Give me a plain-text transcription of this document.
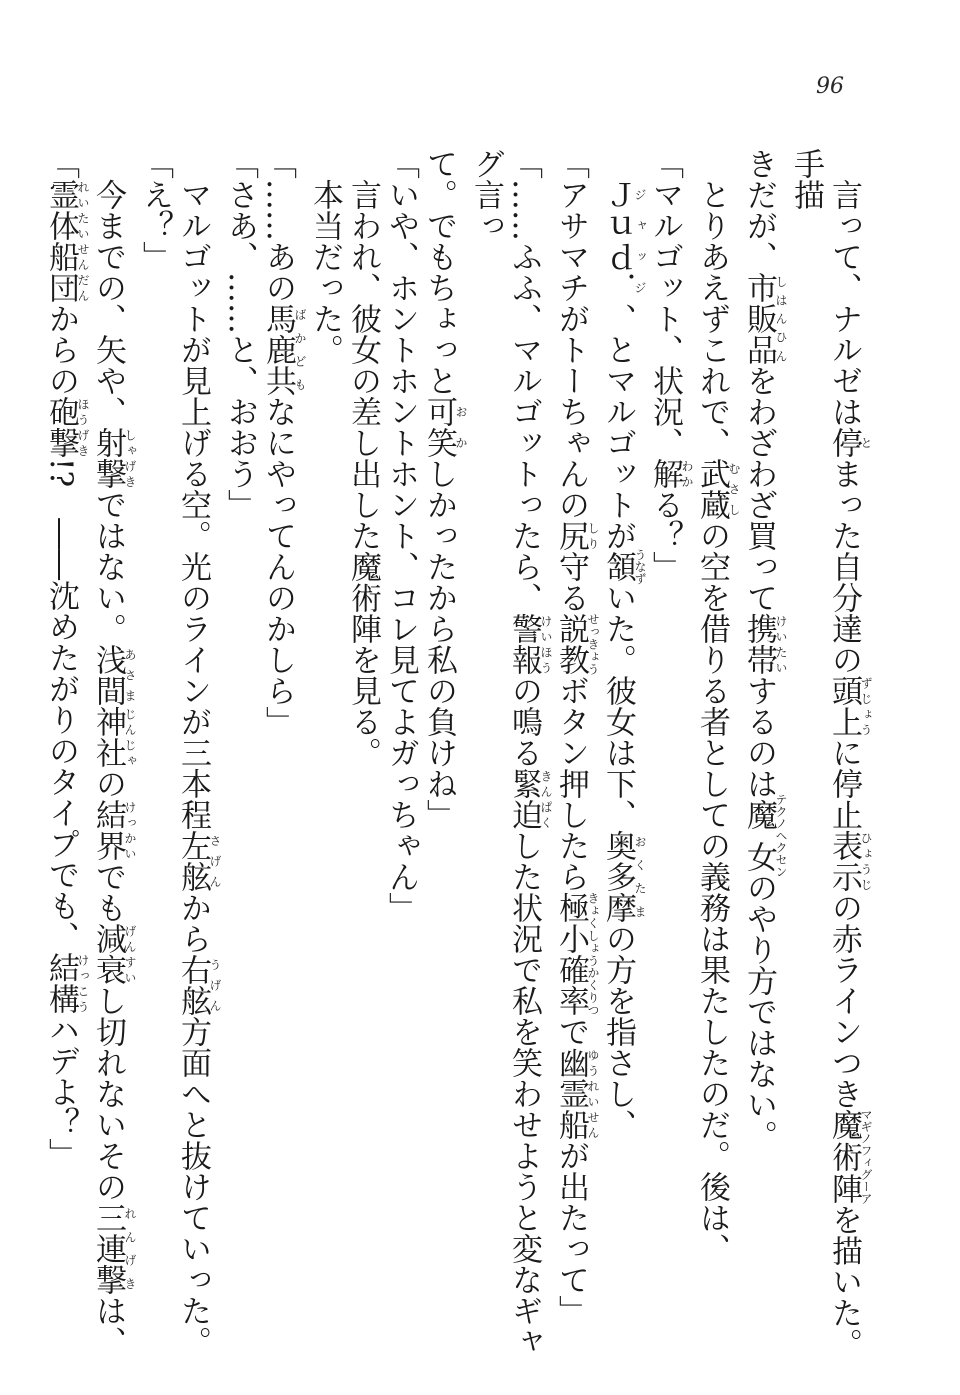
96

言って、ナルゼは停とまった自分達の頭上ずじょうに停止表示ひょうじの赤ラインつき魔術陣マギノフィグーアを描いた。手描

きだが、市販品しはんひんをわざわざ買って携帯けいたいするのは魔女テクノヘクセンのやり方ではない。

とりあえずこれで、武蔵むさしの空を借りる者としての義務は果たしたのだ。後は、

「マルゴット、状況、解わかる？」

Ｊｕｄ．ジャッジ、とマルゴットが頷うなずいた。彼女は下、奥多摩おくたまの方を指さし、

「アサマチがトーちゃんの尻しり守る説教せっきょうボタン押したら極小確率きょくしょうかくりつで幽霊船ゆうれいせんが出たって」

「……ふふ、マルゴットったら、警報けいほうの鳴る緊迫きんぱくした状況で私を笑わせようと変なギャグ言っ

て。でもちょっと可笑おかしかったから私の負けね」

「いや、ホントホントホント、コレ見てよガっちゃん」

言われ、彼女の差し出した魔術陣を見る。

本当だった。

「……あの馬鹿共ばかどもなにやってんのかしら」

「さあ、……と、おおう」

マルゴットが見上げる空。光のラインが三本程左舷さげんから右舷うげん方面へと抜けていった。

「え？」

今までの、矢や、射撃しゃげきではない。浅間あさま神社じんじゃの結界けっかいでも減衰げんすいし切れないその三連撃れんげきは、

「霊体船団れいたいせんだんからの砲撃ほうげき!?　――沈めたがりのタイプでも、結構けっこうハデよ？」
